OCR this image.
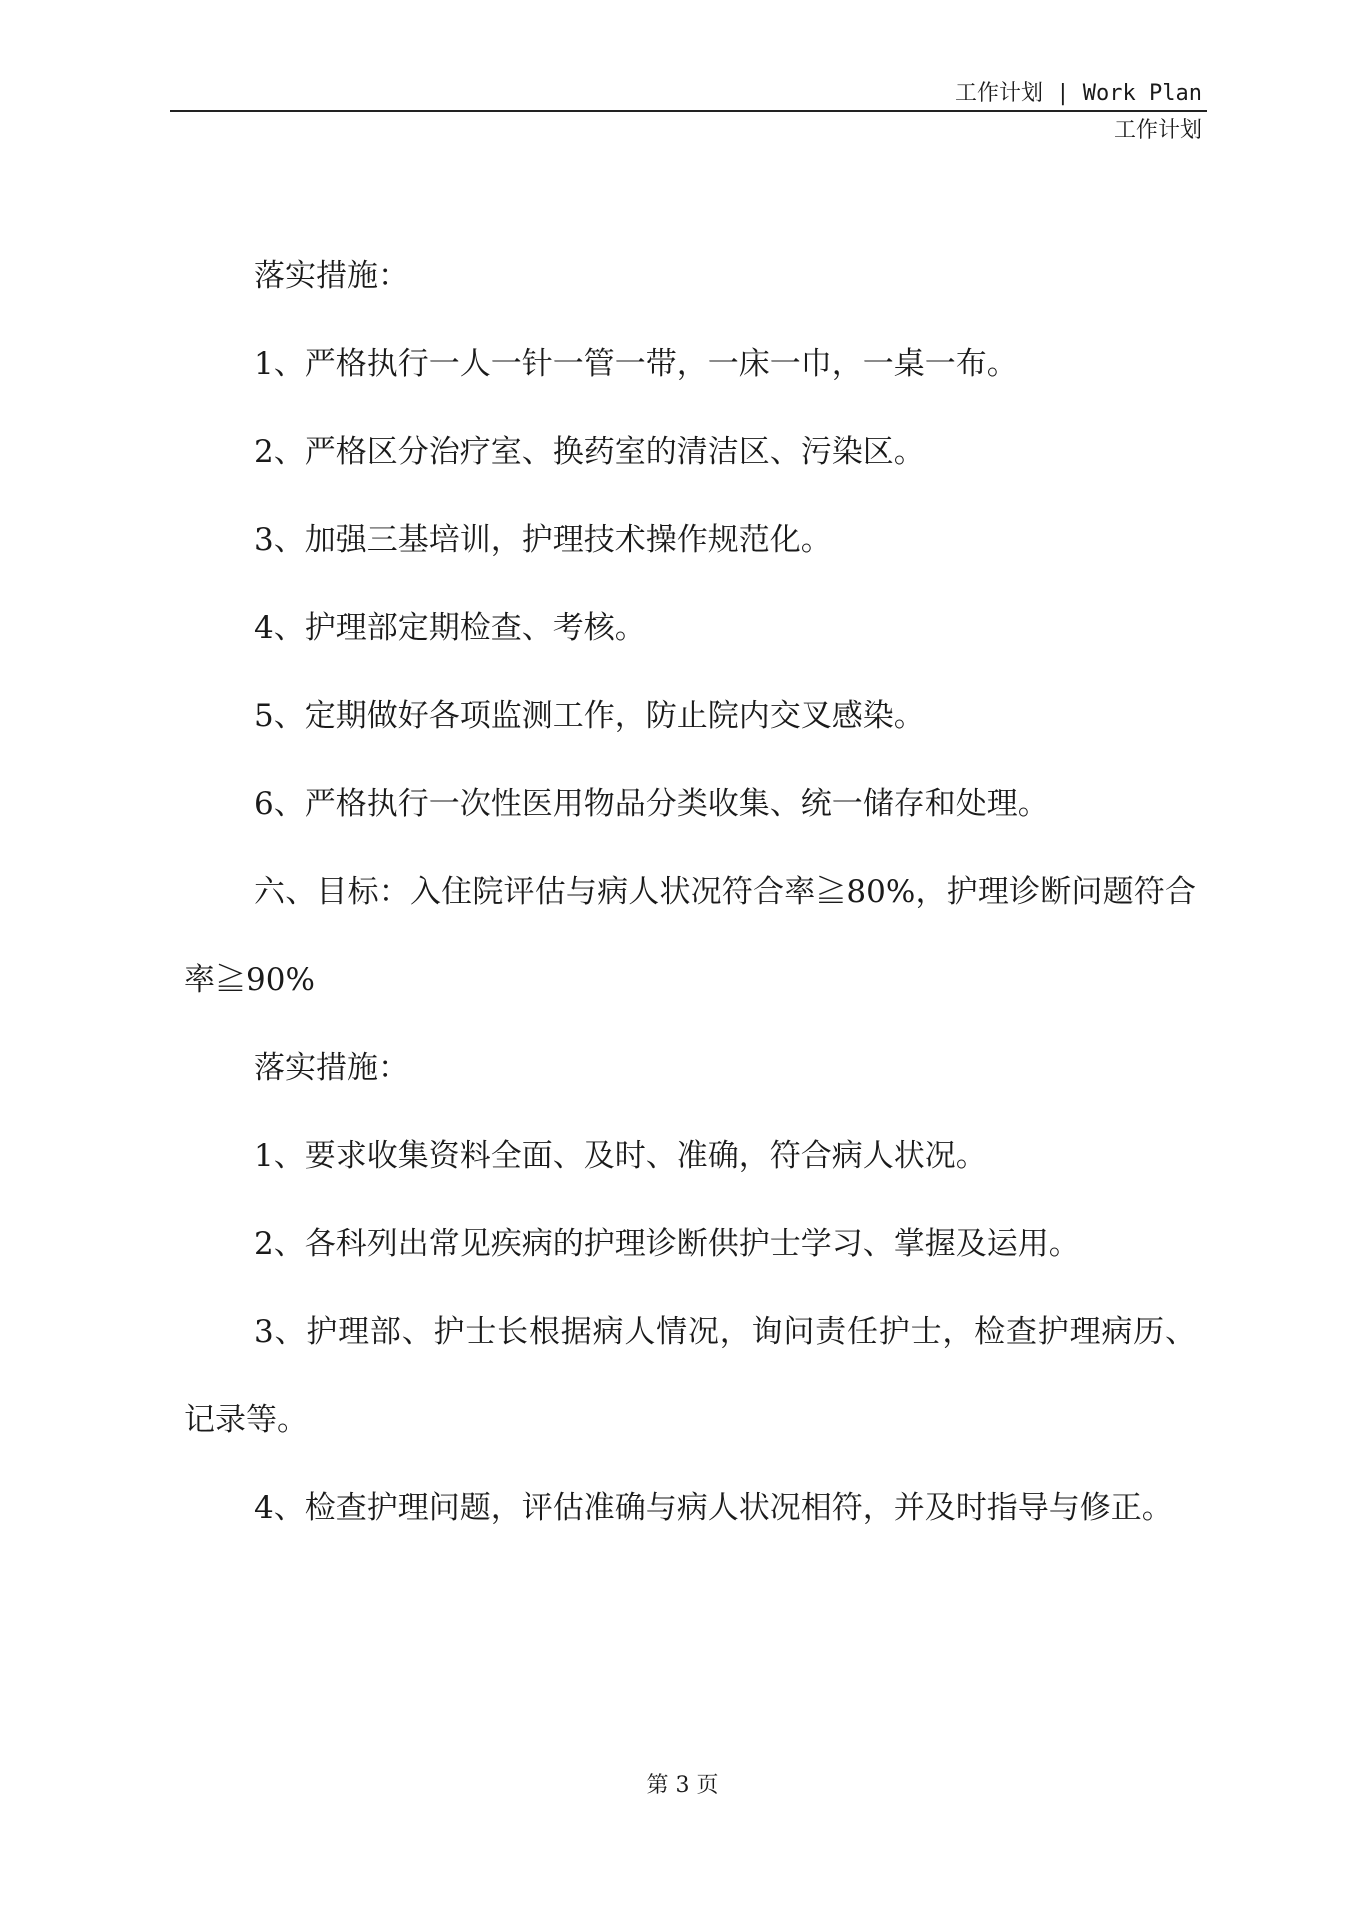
工作计划 | Work Plan
工作计划

落实措施：

1、严格执行一人一针一管一带，一床一巾，一桌一布。

2、严格区分治疗室、换药室的清洁区、污染区。

3、加强三基培训，护理技术操作规范化。

4、护理部定期检查、考核。

5、定期做好各项监测工作，防止院内交叉感染。

6、严格执行一次性医用物品分类收集、统一储存和处理。

六、目标：入住院评估与病人状况符合率≧80%，护理诊断问题符合率≧90%

落实措施：

1、要求收集资料全面、及时、准确，符合病人状况。

2、各科列出常见疾病的护理诊断供护士学习、掌握及运用。

3、护理部、护士长根据病人情况，询问责任护士，检查护理病历、记录等。

4、检查护理问题，评估准确与病人状况相符，并及时指导与修正。

第 3 页
